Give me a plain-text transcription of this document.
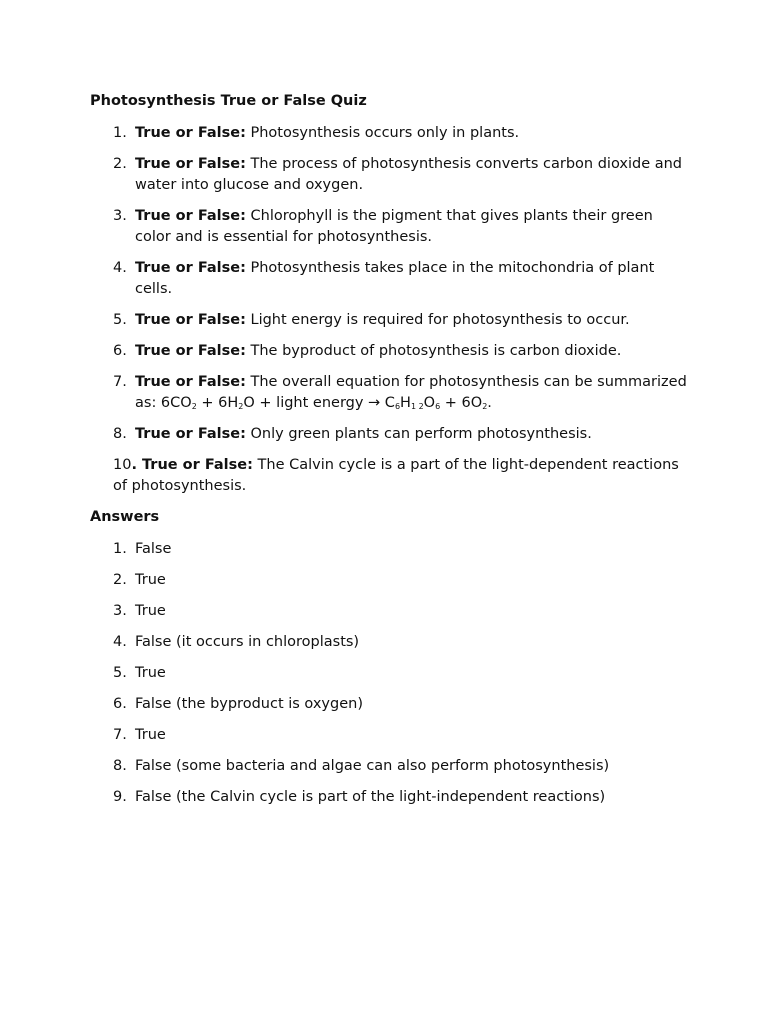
Photosynthesis True or False Quiz
1. True or False: Photosynthesis occurs only in plants.
2. True or False: The process of photosynthesis converts carbon dioxide and water into glucose and oxygen.
3. True or False: Chlorophyll is the pigment that gives plants their green color and is essential for photosynthesis.
4. True or False: Photosynthesis takes place in the mitochondria of plant cells.
5. True or False: Light energy is required for photosynthesis to occur.
6. True or False: The byproduct of photosynthesis is carbon dioxide.
7. True or False: The overall equation for photosynthesis can be summarized as: $6CO_2 + 6H_2O$ + light energy → $C_6H_{1 2}O_6 + 6O_2$.
8. True or False: Only green plants can perform photosynthesis.
10. True or False: The Calvin cycle is a part of the light-dependent reactions of photosynthesis.
Answers
1. False
2. True
3. True
4. False (it occurs in chloroplasts)
5. True
6. False (the byproduct is oxygen)
7. True
8. False (some bacteria and algae can also perform photosynthesis)
9. False (the Calvin cycle is part of the light-independent reactions)
